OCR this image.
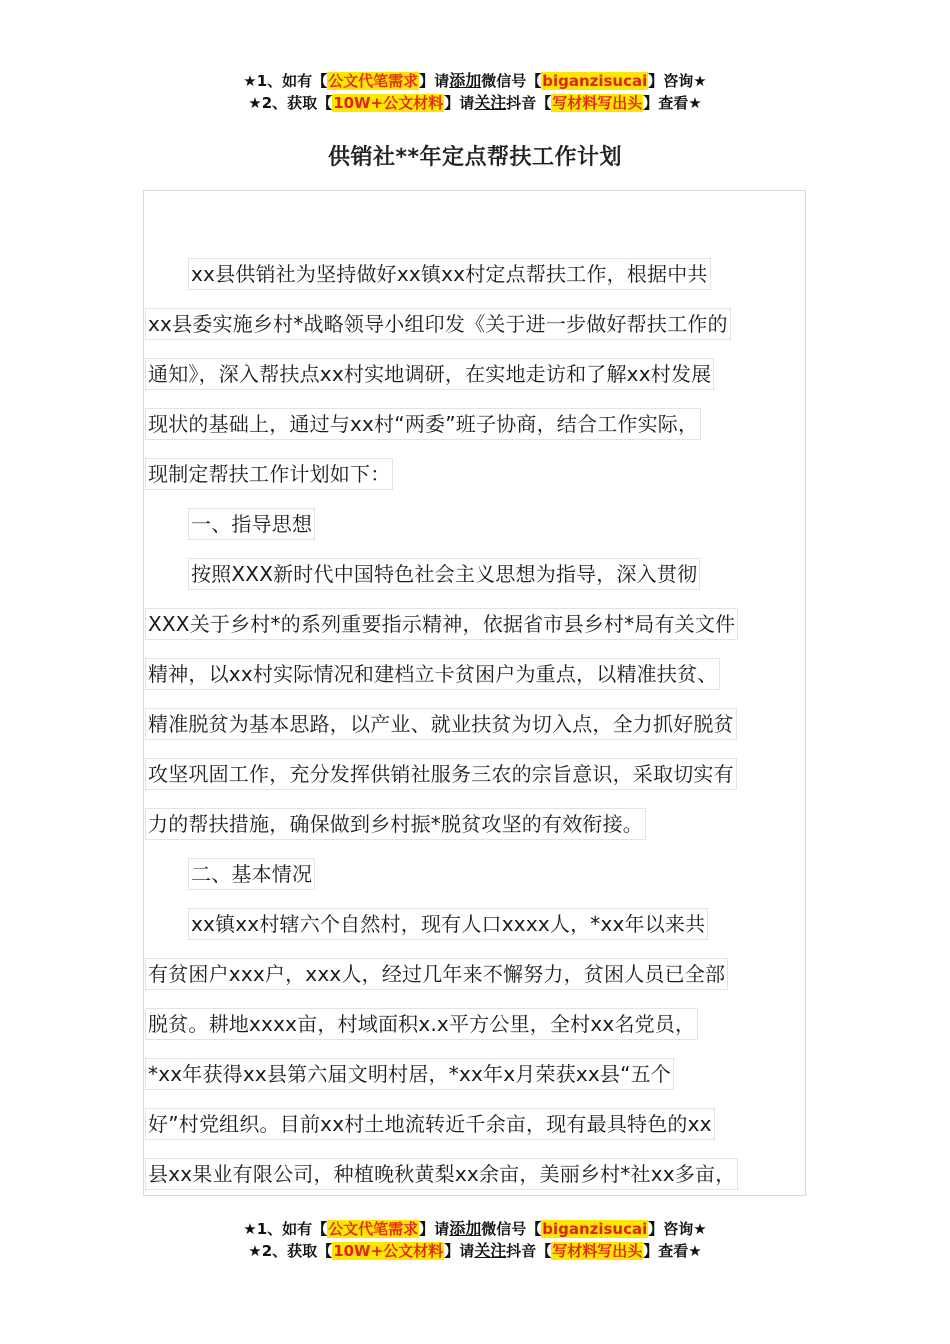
★1、如有【公文代笔需求】请添加微信号【biganzisucai】咨询★
★2、获取【10W+公文材料】请关注抖音【写材料写出头】查看★
供销社**年定点帮扶工作计划
xx县供销社为坚持做好xx镇xx村定点帮扶工作，根据中共
xx县委实施乡村*战略领导小组印发《关于进一步做好帮扶工作的
通知》，深入帮扶点xx村实地调研，在实地走访和了解xx村发展
现状的基础上，通过与xx村“两委”班子协商，结合工作实际，
现制定帮扶工作计划如下：
一、指导思想
按照XXX新时代中国特色社会主义思想为指导，深入贯彻
XXX关于乡村*的系列重要指示精神，依据省市县乡村*局有关文件
精神，以xx村实际情况和建档立卡贫困户为重点，以精准扶贫、
精准脱贫为基本思路，以产业、就业扶贫为切入点，全力抓好脱贫
攻坚巩固工作，充分发挥供销社服务三农的宗旨意识，采取切实有
力的帮扶措施，确保做到乡村振*脱贫攻坚的有效衔接。
二、基本情况
xx镇xx村辖六个自然村，现有人口xxxx人，*xx年以来共
有贫困户xxx户，xxx人，经过几年来不懈努力，贫困人员已全部
脱贫。耕地xxxx亩，村域面积x.x平方公里，全村xx名党员，
*xx年获得xx县第六届文明村居，*xx年x月荣获xx县“五个
好”村党组织。目前xx村土地流转近千余亩，现有最具特色的xx
县xx果业有限公司，种植晚秋黄梨xx余亩，美丽乡村*社xx多亩，
★1、如有【公文代笔需求】请添加微信号【biganzisucai】咨询★
★2、获取【10W+公文材料】请关注抖音【写材料写出头】查看★
